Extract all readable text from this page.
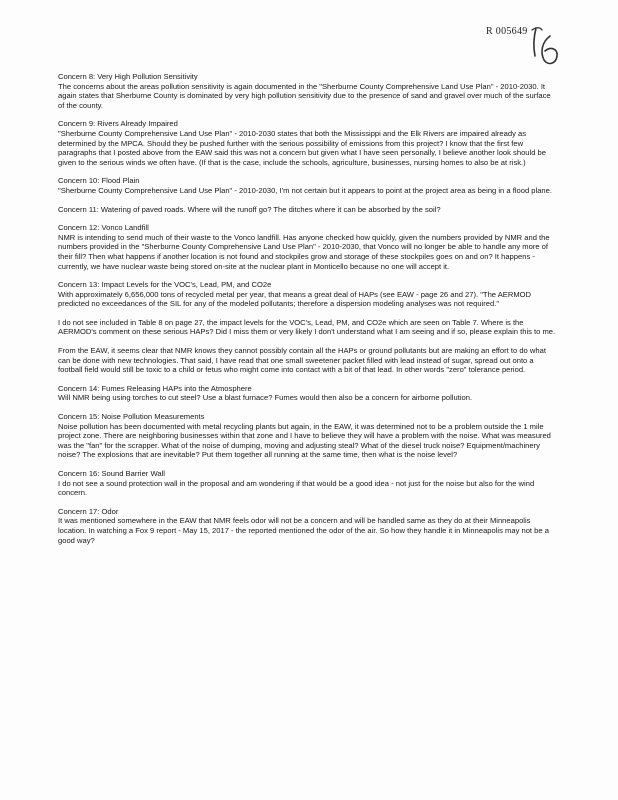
R 005649
Concern 8: Very High Pollution Sensitivity

The concerns about the areas pollution sensitivity is again documented in the "Sherburne County Comprehensive Land Use Plan" - 2010-2030. It again states that Sherburne County is dominated by very high pollution sensitivity due to the presence of sand and gravel over much of the surface of the county.

Concern 9: Rivers Already Impaired

"Sherburne County Comprehensive Land Use Plan" - 2010-2030 states that both the Mississippi and the Elk Rivers are impaired already as determined by the MPCA. Should they be pushed further with the serious possibility of emissions from this project? I know that the first few paragraphs that I posted above from the EAW said this was not a concern but given what I have seen personally, I believe another look should be given to the serious winds we often have. (If that is the case, include the schools, agriculture, businesses, nursing homes to also be at risk.)

Concern 10: Flood Plain

"Sherburne County Comprehensive Land Use Plan" - 2010-2030, I'm not certain but it appears to point at the project area as being in a flood plane.

Concern 11: Watering of paved roads. Where will the runoff go? The ditches where it can be absorbed by the soil?
Concern 12: Vonco Landfill

NMR is intending to send much of their waste to the Vonco landfill. Has anyone checked how quickly, given the numbers provided by NMR and the numbers provided in the "Sherburne County Comprehensive Land Use Plan" - 2010-2030, that Vonco will no longer be able to handle any more of their fill? Then what happens if another location is not found and stockpiles grow and storage of these stockpiles goes on and on? It happens - currently, we have nuclear waste being stored on-site at the nuclear plant in Monticello because no one will accept it.

Concern 13: Impact Levels for the VOC's, Lead, PM, and CO2e

With approximately 6,656,000 tons of recycled metal per year, that means a great deal of HAPs (see EAW - page 26 and 27). "The AERMOD predicted no exceedances of the SIL for any of the modeled pollutants; therefore a dispersion modeling analyses was not required."

I do not see included in Table 8 on page 27, the impact levels for the VOC's, Lead, PM, and CO2e which are seen on Table 7. Where is the AERMOD's comment on these serious HAPs? Did I miss them or very likely I don't understand what I am seeing and if so, please explain this to me.

From the EAW, it seems clear that NMR knows they cannot possibly contain all the HAPs or ground pollutants but are making an effort to do what can be done with new technologies. That said, I have read that one small sweetener packet filled with lead instead of sugar, spread out onto a football field would still be toxic to a child or fetus who might come into contact with a bit of that lead. In other words "zero" tolerance period.

Concern 14: Fumes Releasing HAPs into the Atmosphere

Will NMR being using torches to cut steel? Use a blast furnace? Fumes would then also be a concern for airborne pollution.

Concern 15: Noise Pollution Measurements

Noise pollution has been documented with metal recycling plants but again, in the EAW, it was determined not to be a problem outside the 1 mile project zone. There are neighboring businesses within that zone and I have to believe they will have a problem with the noise. What was measured was the "fan" for the scrapper. What of the noise of dumping, moving and adjusting steal? What of the diesel truck noise? Equipment/machinery noise? The explosions that are inevitable? Put them together all running at the same time, then what is the noise level?

Concern 16: Sound Barrier Wall

I do not see a sound protection wall in the proposal and am wondering if that would be a good idea - not just for the noise but also for the wind concern.

Concern 17: Odor

It was mentioned somewhere in the EAW that NMR feels odor will not be a concern and will be handled same as they do at their Minneapolis location. In watching a Fox 9 report - May 15, 2017 - the reported mentioned the odor of the air. So how they handle it in Minneapolis may not be a good way?
